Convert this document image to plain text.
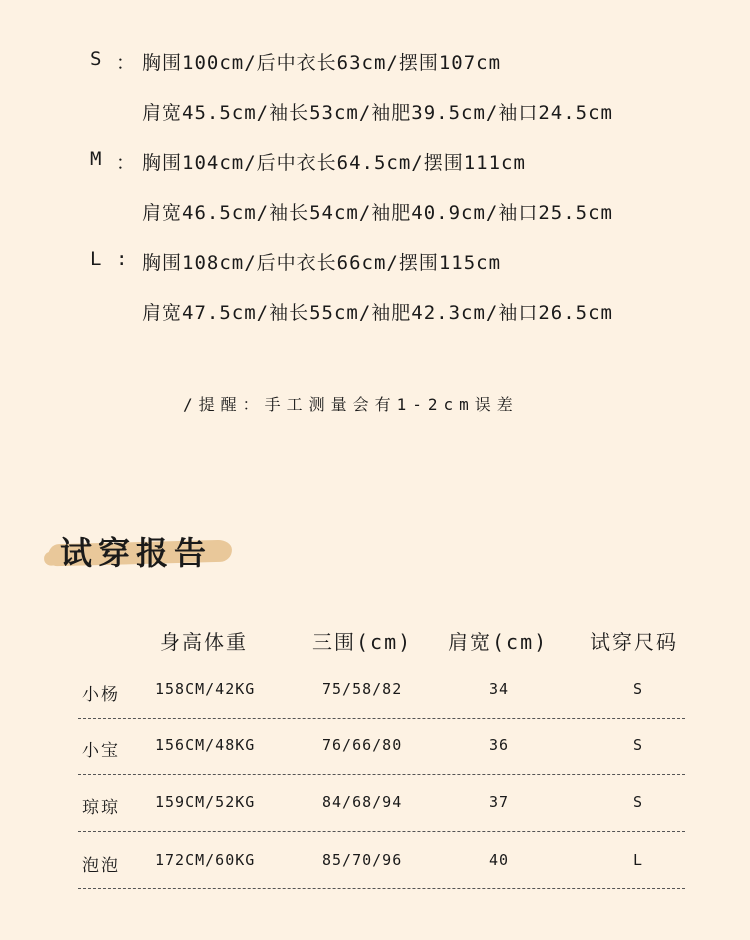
S ： 胸围100cm/后中衣长63cm/摆围107cm
肩宽45.5cm/袖长53cm/袖肥39.5cm/袖口24.5cm
M ： 胸围104cm/后中衣长64.5cm/摆围111cm
肩宽46.5cm/袖长54cm/袖肥40.9cm/袖口25.5cm
L : 胸围108cm/后中衣长66cm/摆围115cm
肩宽47.5cm/袖长55cm/袖肥42.3cm/袖口26.5cm
/提醒：手工测量会有1-2cm误差
试穿报告
身高体重	三围(cm) 肩宽(cm) 试穿尺码
小杨 158CM/42KG	75/58/82	34	S
小宝 156CM/48KG	76/66/80	36	S
琼琼 159CM/52KG	84/68/94	37	S
泡泡 172CM/60KG	85/70/96	40	L
